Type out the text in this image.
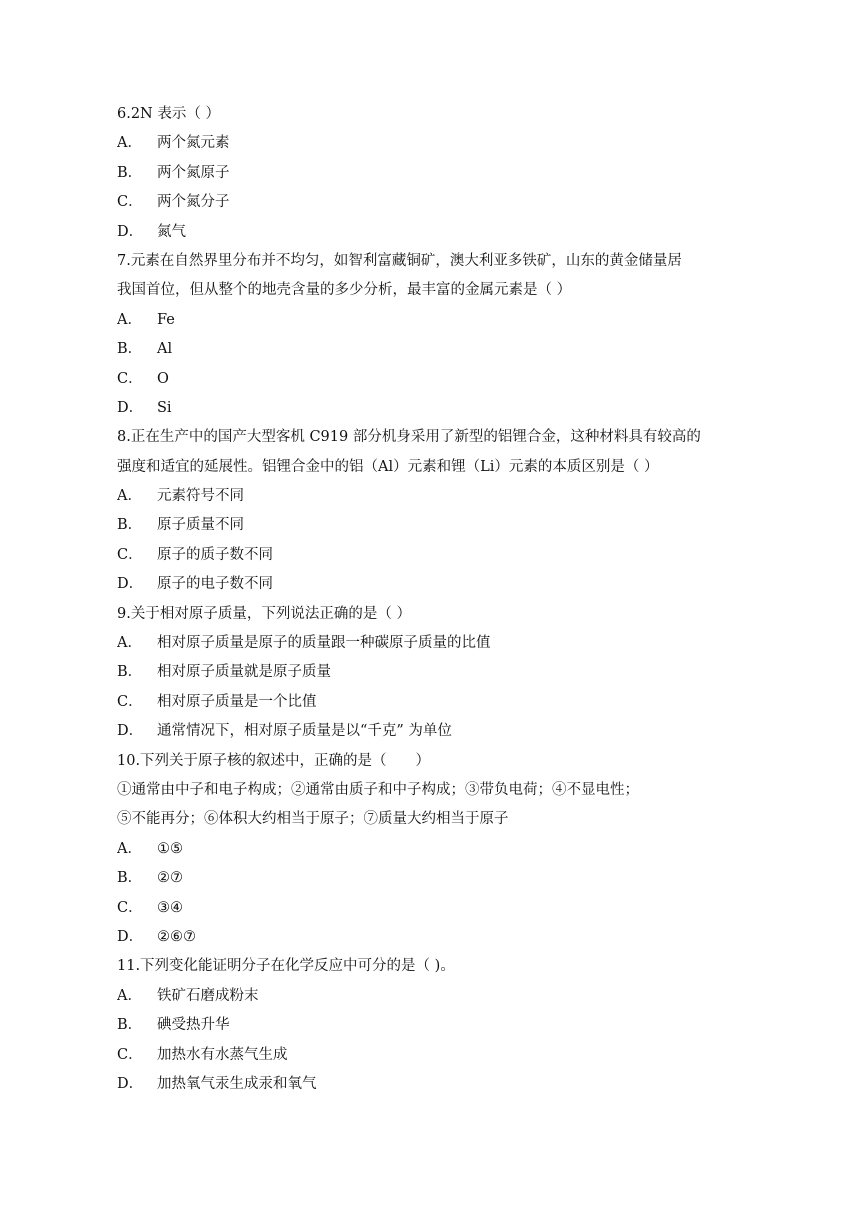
6.2N 表示（ ）
A． 两个氮元素
B． 两个氮原子
C． 两个氮分子
D． 氮气
7.元素在自然界里分布并不均匀，如智利富藏铜矿，澳大利亚多铁矿，山东的黄金储量居
我国首位，但从整个的地壳含量的多少分析，最丰富的金属元素是（ ）
A． Fe
B． Al
C． O
D． Si
8.正在生产中的国产大型客机 C919 部分机身采用了新型的铝锂合金，这种材料具有较高的
强度和适宜的延展性。铝锂合金中的铝（Al）元素和锂（Li）元素的本质区别是（ ）
A． 元素符号不同
B． 原子质量不同
C． 原子的质子数不同
D． 原子的电子数不同
9.关于相对原子质量，下列说法正确的是（ ）
A． 相对原子质量是原子的质量跟一种碳原子质量的比值
B． 相对原子质量就是原子质量
C． 相对原子质量是一个比值
D． 通常情况下，相对原子质量是以“千克” 为单位
10.下列关于原子核的叙述中，正确的是（　　）
①通常由中子和电子构成；②通常由质子和中子构成；③带负电荷；④不显电性；
⑤不能再分；⑥体积大约相当于原子；⑦质量大约相当于原子
A． ①⑤
B． ②⑦
C． ③④
D． ②⑥⑦
11.下列变化能证明分子在化学反应中可分的是（ )。
A． 铁矿石磨成粉末
B． 碘受热升华
C． 加热水有水蒸气生成
D． 加热氧气汞生成汞和氧气
